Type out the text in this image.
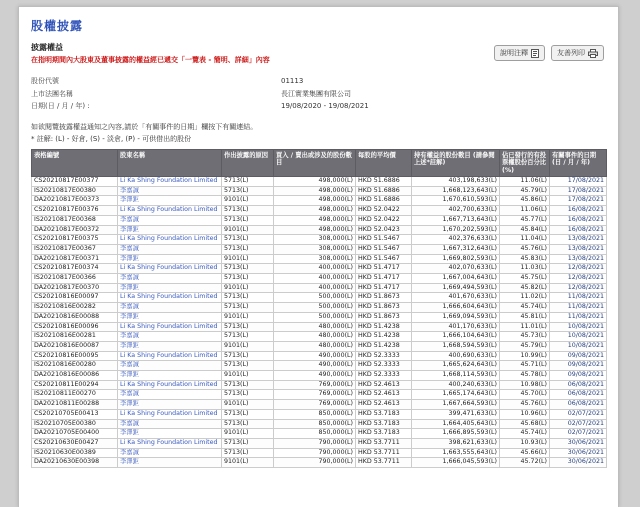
股權披露
說明注釋	友善列印
披露權益
在指明期間內大股東及董事披露的權益經已遞交「一覽表 - 簡明、詳細」內容
股份代號	01113
上市法團名稱	長江實業集團有限公司
日期(日 / 月 / 年) :	19/08/2020 - 19/08/2021
如欲閱覽披露權益通知之內容,請於「有關事件的日期」欄按下有關連結。
* 註解: (L) - 好倉, (S) - 淡倉, (P) - 可供借出的股份
表格編號	股東名稱	作出披露的原因	買入 / 賣出或涉及的股份數目	每股的平均價	持有權益的股份數目 (請參閱上述*註解)	佔已發行的有投票權股份百分比 (%)	有關事件的日期 (日 / 月 / 年)
CS20210817E00377	Li Ka Shing Foundation Limited	5713(L)	498,000(L)	HKD 51.6886	403,198,633(L)	11.06(L)	17/08/2021
IS20210817E00380	李嘉誠	5713(L)	498,000(L)	HKD 51.6886	1,668,123,643(L)	45.79(L)	17/08/2021
DA20210817E00373	李澤鉅	9101(L)	498,000(L)	HKD 51.6886	1,670,610,593(L)	45.86(L)	17/08/2021
CS20210817E00376	Li Ka Shing Foundation Limited	5713(L)	498,000(L)	HKD 52.0422	402,700,633(L)	11.06(L)	16/08/2021
IS20210817E00368	李嘉誠	5713(L)	498,000(L)	HKD 52.0422	1,667,713,643(L)	45.77(L)	16/08/2021
DA20210817E00372	李澤鉅	9101(L)	498,000(L)	HKD 52.0423	1,670,202,593(L)	45.84(L)	16/08/2021
CS20210817E00375	Li Ka Shing Foundation Limited	5713(L)	308,000(L)	HKD 51.5467	402,376,633(L)	11.04(L)	13/08/2021
IS20210817E00367	李嘉誠	5713(L)	308,000(L)	HKD 51.5467	1,667,312,643(L)	45.76(L)	13/08/2021
DA20210817E00371	李澤鉅	9101(L)	308,000(L)	HKD 51.5467	1,669,802,593(L)	45.83(L)	13/08/2021
CS20210817E00374	Li Ka Shing Foundation Limited	5713(L)	400,000(L)	HKD 51.4717	402,070,633(L)	11.03(L)	12/08/2021
IS20210817E00366	李嘉誠	5713(L)	400,000(L)	HKD 51.4717	1,667,004,643(L)	45.75(L)	12/08/2021
DA20210817E00370	李澤鉅	9101(L)	400,000(L)	HKD 51.4717	1,669,494,593(L)	45.82(L)	12/08/2021
CS20210816E00097	Li Ka Shing Foundation Limited	5713(L)	500,000(L)	HKD 51.8673	401,670,633(L)	11.02(L)	11/08/2021
IS20210816E00282	李嘉誠	5713(L)	500,000(L)	HKD 51.8673	1,666,604,643(L)	45.74(L)	11/08/2021
DA20210816E00088	李澤鉅	9101(L)	500,000(L)	HKD 51.8673	1,669,094,593(L)	45.81(L)	11/08/2021
CS20210816E00096	Li Ka Shing Foundation Limited	5713(L)	480,000(L)	HKD 51.4238	401,170,633(L)	11.01(L)	10/08/2021
IS20210816E00281	李嘉誠	5713(L)	480,000(L)	HKD 51.4238	1,666,104,643(L)	45.73(L)	10/08/2021
DA20210816E00087	李澤鉅	9101(L)	480,000(L)	HKD 51.4238	1,668,594,593(L)	45.79(L)	10/08/2021
CS20210816E00095	Li Ka Shing Foundation Limited	5713(L)	490,000(L)	HKD 52.3333	400,690,633(L)	10.99(L)	09/08/2021
IS20210816E00280	李嘉誠	5713(L)	490,000(L)	HKD 52.3333	1,665,624,643(L)	45.71(L)	09/08/2021
DA20210816E00086	李澤鉅	9101(L)	490,000(L)	HKD 52.3333	1,668,114,593(L)	45.78(L)	09/08/2021
CS20210811E00294	Li Ka Shing Foundation Limited	5713(L)	769,000(L)	HKD 52.4613	400,240,633(L)	10.98(L)	06/08/2021
IS20210811E00270	李嘉誠	5713(L)	769,000(L)	HKD 52.4613	1,665,174,643(L)	45.70(L)	06/08/2021
DA20210811E00288	李澤鉅	9101(L)	769,000(L)	HKD 52.4613	1,667,664,593(L)	45.76(L)	06/08/2021
CS20210705E00413	Li Ka Shing Foundation Limited	5713(L)	850,000(L)	HKD 53.7183	399,471,633(L)	10.96(L)	02/07/2021
IS20210705E00380	李嘉誠	5713(L)	850,000(L)	HKD 53.7183	1,664,405,643(L)	45.68(L)	02/07/2021
DA20210705E00400	李澤鉅	9101(L)	850,000(L)	HKD 53.7183	1,666,895,593(L)	45.74(L)	02/07/2021
CS20210630E00427	Li Ka Shing Foundation Limited	5713(L)	790,000(L)	HKD 53.7711	398,621,633(L)	10.93(L)	30/06/2021
IS20210630E00389	李嘉誠	5713(L)	790,000(L)	HKD 53.7711	1,663,555,643(L)	45.66(L)	30/06/2021
DA20210630E00398	李澤鉅	9101(L)	790,000(L)	HKD 53.7711	1,666,045,593(L)	45.72(L)	30/06/2021
